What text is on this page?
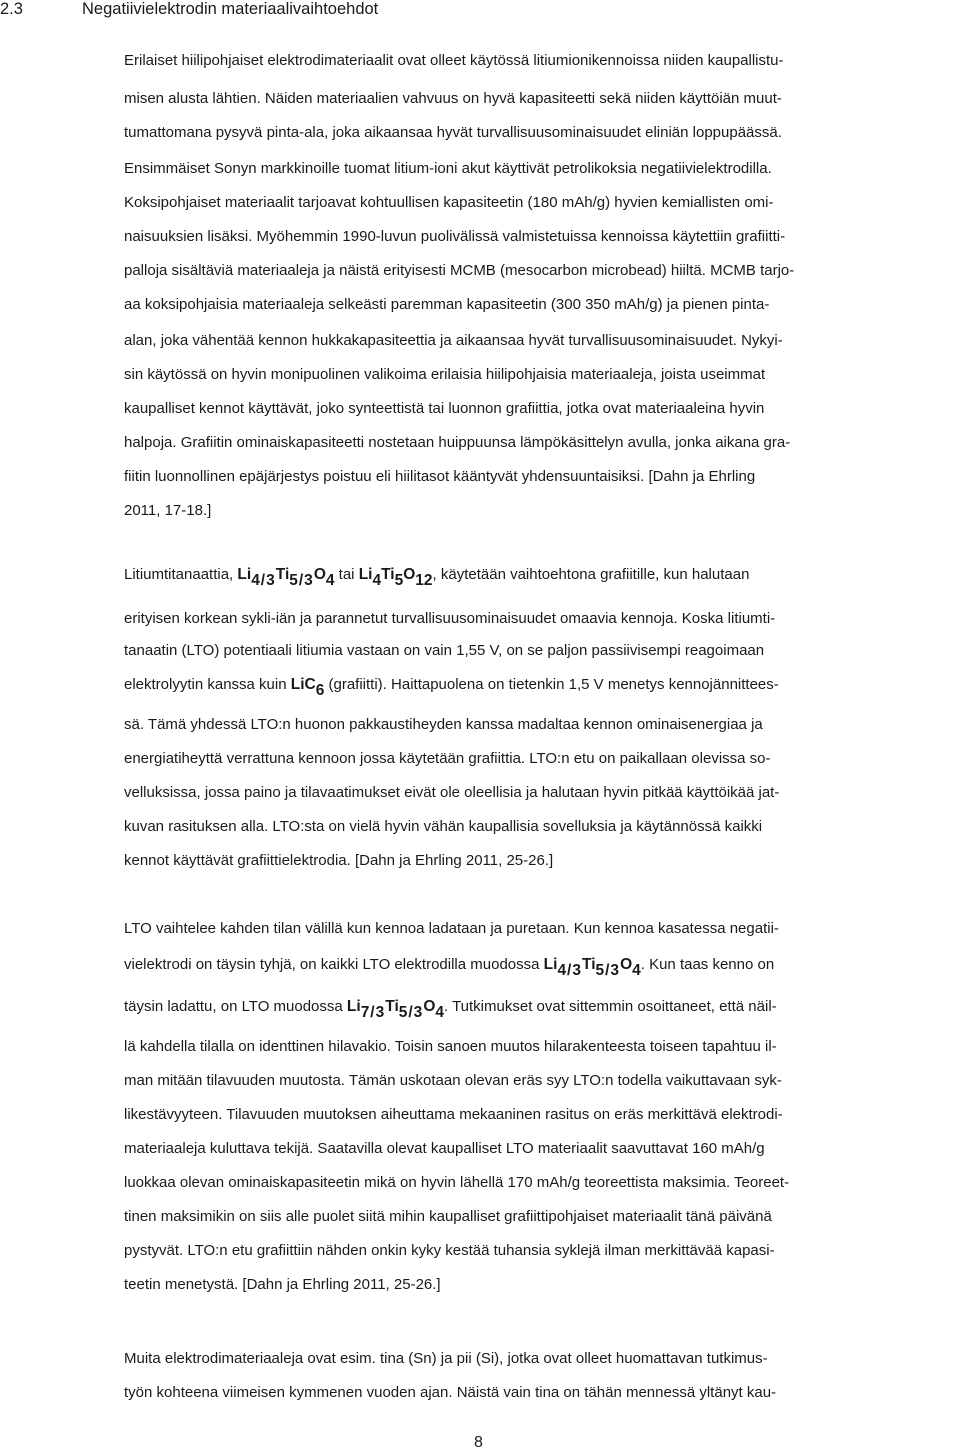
2.3	Negatiivielektrodin materiaalivaihtoehdot
Erilaiset hiilipohjaiset elektrodimateriaalit ovat olleet käytössä litiumionikennoissa niiden kaupallistu-
misen alusta lähtien. Näiden materiaalien vahvuus on hyvä kapasiteetti sekä niiden käyttöiän muut-
tumattomana pysyvä pinta-ala, joka aikaansaa hyvät turvallisuusominaisuudet eliniän loppupäässä.
Ensimmäiset Sonyn markkinoille tuomat litium-ioni akut käyttivät petrolikoksia negatiivielektrodilla.
Koksipohjaiset materiaalit tarjoavat kohtuullisen kapasiteetin (180 mAh/g) hyvien kemiallisten omi-
naisuuksien lisäksi. Myöhemmin 1990-luvun puolivälissä valmistetuissa kennoissa käytettiin grafiitti-
palloja sisältäviä materiaaleja ja näistä erityisesti MCMB (mesocarbon microbead) hiiltä. MCMB tarjo-
aa koksipohjaisia materiaaleja selkeästi paremman kapasiteetin (300 350 mAh/g) ja pienen pinta-
alan, joka vähentää kennon hukkakapasiteettia ja aikaansaa hyvät turvallisuusominaisuudet. Nykyi-
sin käytössä on hyvin monipuolinen valikoima erilaisia hiilipohjaisia materiaaleja, joista useimmat
kaupalliset kennot käyttävät, joko synteettistä tai luonnon grafiittia, jotka ovat materiaaleina hyvin
halpoja. Grafiitin ominaiskapasiteetti nostetaan huippuunsa lämpökäsittelyn avulla, jonka aikana gra-
fiitin luonnollinen epäjärjestys poistuu eli hiilitasot kääntyvät yhdensuuntaisiksi. [Dahn ja Ehrling
2011, 17-18.]
Litiumtitanaattia, $Li_{4/3}Ti_{5/3}O_4$ tai $Li_4Ti_5O_{12}$, käytetään vaihtoehtona grafiitille, kun halutaan
erityisen korkean sykli-iän ja parannetut turvallisuusominaisuudet omaavia kennoja. Koska litiumti-
tanaatin (LTO) potentiaali litiumia vastaan on vain 1,55 V, on se paljon passiivisempi reagoimaan
elektrolyytin kanssa kuin LiC$_6$ (grafiitti). Haittapuolena on tietenkin 1,5 V menetys kennojännittees-
sä. Tämä yhdessä LTO:n huonon pakkaustiheyden kanssa madaltaa kennon ominaisenergiaa ja
energiatiheyttä verrattuna kennoon jossa käytetään grafiittia. LTO:n etu on paikallaan olevissa so-
velluksissa, jossa paino ja tilavaatimukset eivät ole oleellisia ja halutaan hyvin pitkää käyttöikää jat-
kuvan rasituksen alla. LTO:sta on vielä hyvin vähän kaupallisia sovelluksia ja käytännössä kaikki
kennot käyttävät grafiittielektrodia. [Dahn ja Ehrling 2011, 25-26.]
LTO vaihtelee kahden tilan välillä kun kennoa ladataan ja puretaan. Kun kennoa kasatessa negatii-
vielektrodi on täysin tyhjä, on kaikki LTO elektrodilla muodossa $Li_{4/3}Ti_{5/3}O_4$. Kun taas kenno on
täysin ladattu, on LTO muodossa $Li_{7/3}Ti_{5/3}O_4$. Tutkimukset ovat sittemmin osoittaneet, että näil-
lä kahdella tilalla on identtinen hilavakio. Toisin sanoen muutos hilarakenteesta toiseen tapahtuu il-
man mitään tilavuuden muutosta. Tämän uskotaan olevan eräs syy LTO:n todella vaikuttavaan syk-
likestävyyteen. Tilavuuden muutoksen aiheuttama mekaaninen rasitus on eräs merkittävä elektrodi-
materiaaleja kuluttava tekijä. Saatavilla olevat kaupalliset LTO materiaalit saavuttavat 160 mAh/g
luokkaa olevan ominaiskapasiteetin mikä on hyvin lähellä 170 mAh/g teoreettista maksimia. Teoreet-
tinen maksimikin on siis alle puolet siitä mihin kaupalliset grafiittipohjaiset materiaalit tänä päivänä
pystyvät. LTO:n etu grafiittiin nähden onkin kyky kestää tuhansia syklejä ilman merkittävää kapasi-
teetin menetystä. [Dahn ja Ehrling 2011, 25-26.]
Muita elektrodimateriaaleja ovat esim. tina (Sn) ja pii (Si), jotka ovat olleet huomattavan tutkimus-
työn kohteena viimeisen kymmenen vuoden ajan. Näistä vain tina on tähän mennessä yltänyt kau-
8
